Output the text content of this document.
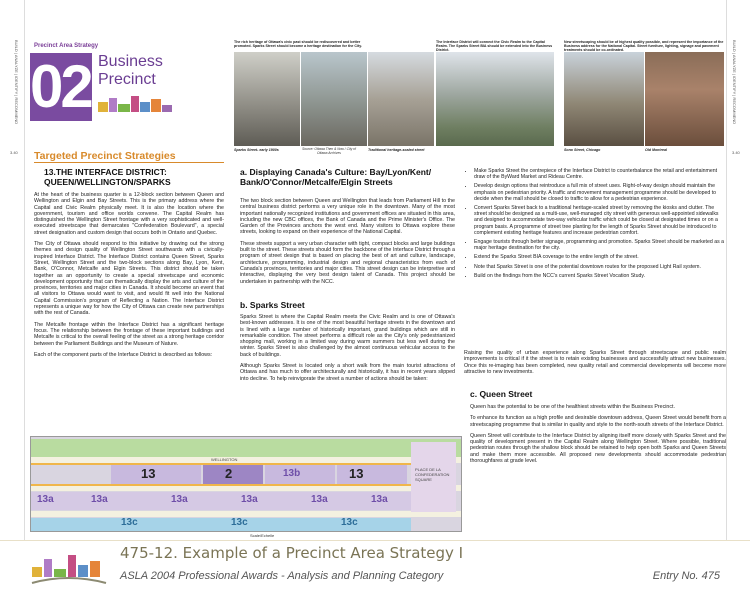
BUILD | ANALYZE | IDENTIFY | RECOMMEND	BUILD | ANALYZE | IDENTIFY | RECOMMEND
3.40	3.40
Precinct Area Strategy
02 Business
Precinct
The rich heritage of Ottawa's civic past should be rediscovered and better promoted. Sparks Street should become a heritage destination for the City.
The Interface District will connect the Civic Realm to the Capital Realm. The Sparks Street BIA should be extended into the Business District.
New streetscaping should be of highest quality possible, and represent the importance of the Business address for the National Capital. Street furniture, lighting, signage and pavement treatments should be co-ordinated.
Sparks Street- early 1900s	Source: Ottawa Then & Now / City of Ottawa Archives
Traditional heritage-scaled street	Sono Street, Chicago	Old Montreal
Targeted Precinct Strategies
13.THE INTERFACE DISTRICT: QUEEN/WELLINGTON/SPARKS

At the heart of the business quarter is a 12-block section between Queen and Wellington and Elgin and Bay Streets. This is the primary address where the Capital and Civic Realm physically meet. It is also the location where the government, tourism and office worlds convene. The Capital Realm has distinguished the Wellington Street frontage with a very sophisticated and well-executed streetscape that demarcates "Confederation Boulevard", a special street designation and custom design that occurs both in Ontario and Quebec.

The City of Ottawa should respond to this initiative by drawing out the strong themes and design quality of Wellington Street southwards with a civically-inspired Interface District. The Interface District contains Queen Street, Sparks Street, Wellington Street and the two-block sections along Bay, Lyon, Kent, Bank, O'Connor, Metcalfe and Elgin Streets. This district should be taken together as an opportunity to create a special streetscape and economic development opportunity that can thematically display the arts and culture of the provinces, territories and major cities in Canada. It should become an event that all visitors to Ottawa would want to visit, and would fit well into the National Capital Commission's program of Reflecting a Nation. The Interface District represents a unique way for how the City of Ottawa can create new partnerships with the rest of Canada.

The Metcalfe frontage within the Interface District has a significant heritage focus. The relationship between the frontage of these important buildings and Metcalfe is critical to the overall feeling of the street as a strong heritage corridor between the Parliament Buildings and the Museum of Nature.

Each of the component parts of the Interface District is described as follows:

a. Displaying Canada's Culture: Bay/Lyon/Kent/ Bank/O'Connor/Metcalfe/Elgin Streets

The two block section between Queen and Wellington that leads from Parliament Hill to the central business district performs a very unique role in the downtown. Many of the most important nationally recognized institutions and government offices are situated in this area, including the new CBC offices, the Bank of Canada and the Prime Minister's Office. The Garden of the Provinces anchors the west end. Many visitors to Ottawa explore these streets, looking to expand on their experience of the National Capital.

These streets support a very urban character with tight, compact blocks and large buildings built to the street. These streets should form the backbone of the Interface District through a program of street design that is based on placing the best of art and culture, landscape, architecture, programming, industrial design and regional characteristics from each of Canada's provinces, territories and major cities. This street design can be interpretive and interactive, displaying the very best design talent of Canada. This project should be undertaken in partnership with the NCC.

b. Sparks Street

Sparks Street is where the Capital Realm meets the Civic Realm and is one of Ottawa's best-known addresses. It is one of the most beautiful heritage streets in the downtown and is lined with a large number of historically important, grand buildings which are still in remarkable condition. The street performs a difficult role as the City's only pedestrianized shopping mall, working in a limited way during warm summers but less well during the winter. Sparks Street is also challenged by the almost continuous vehicular access to the back of buildings.

Although Sparks Street is located only a short walk from the main tourist attractions of Ottawa and has much to offer architecturally and historically, it has in recent years slipped into decline. To help reinvigorate the street a number of actions should be taken:

• Make Sparks Street the centrepiece of the Interface District to counterbalance the retail and entertainment draw of the ByWard Market and Rideau Centre.
• Develop design options that reintroduce a full mix of street uses. Right-of-way design should maintain the emphasis on pedestrian priority. A traffic and movement management programme should be developed to decide when the mall should be closed to traffic to allow for a pedestrian experience.
• Convert Sparks Street back to a traditional heritage-scaled street by removing the kiosks and clutter. The street should be designed as a multi-use, well-managed city street with generous well-appointed sidewalks and designed to accommodate two-way vehicular traffic which could be closed at designated times or on a program basis. A programme of street tree planting for the length of Sparks Street should be introduced to complement existing heritage features and increase pedestrian comfort.
• Engage tourists through better signage, programming and promotion. Sparks Street should be marketed as a major heritage destination for the city.
• Extend the Sparks Street BIA coverage to the entire length of the street.
• Note that Sparks Street is one of the potential downtown routes for the proposed Light Rail system.
• Build on the findings from the NCC's current Sparks Street Vocation Study.
Raising the quality of urban experience along Sparks Street through streetscape and public realm improvements is critical if it the street is to retain existing businesses and successfully attract new businesses. Once this re-imaging has been completed, new quality retail and commercial developments will become more attractive to new investments.
c. Queen Street

Queen has the potential to be one of the healthiest streets within the Business Precinct.

To enhance its function as a high profile and desirable downtown address, Queen Street would benefit from a streetscaping programme that is similar in quality and style to the north-south streets of the Interface District.

Queen Street will contribute to the Interface District by aligning itself more closely with Sparks Street and the quality of development present in the Capital Realm along Wellington Street. Where possible, traditional pedestrian routes through the shallow block should be retained to help open both Sparks and Queen Streets and make them more accessible. All proposed new developments should accommodate pedestrian thoroughfares at grade level.

13	2	13b	13
13a
13c
13a	13a	13a	13a
13c
13a
13c
WELLINGTON
PLACE DE LA CONFEDERATION SQUARE
Scale/Echelle
475-12. Example of a Precinct Area Strategy I
ASLA 2004 Professional Awards - Analysis and Planning Category	Entry No. 475
